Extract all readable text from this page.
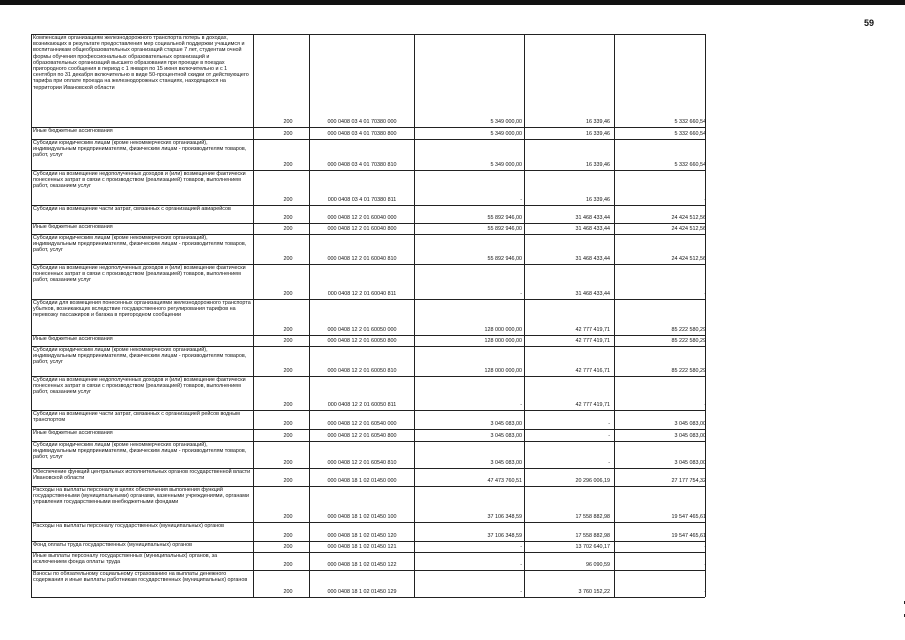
59
Компенсация организациям железнодорожного транспорта потерь в доходах, возникающих в результате предоставления мер социальной поддержки учащимся и воспитанникам общеобразовательных организаций старше 7 лет, студентам очной формы обучения профессиональных образовательных организаций и образовательных организаций высшего образования при проезде в поездах пригородного сообщения в период с 1 января по 15 июня включительно и с 1 сентября по 31 декабря включительно в виде 50-процентной скидки от действующего тарифа при оплате проезда на железнодорожных станциях, находящихся на территории Ивановской области
200	000 0408 03 4 01 70380 000	5 349 000,00	16 339,46	5 332 660,54
Иные бюджетные ассигнования	200	000 0408 03 4 01 70380 800	5 349 000,00	16 339,46	5 332 660,54
Субсидии юридическим лицам (кроме некоммерческих организаций), индивидуальным предпринимателям, физическим лицам - производителям товаров, работ, услуг
200	000 0408 03 4 01 70380 810	5 349 000,00	16 339,46	5 332 660,54
Субсидии на возмещение недополученных доходов и (или) возмещение фактически понесенных затрат в связи с производством (реализацией) товаров, выполнением работ, оказанием услуг
200	000 0408 03 4 01 70380 811	-	16 339,46	-
Субсидии на возмещение части затрат, связанных с организацией авиарейсов
200	000 0408 12 2 01 60040 000	55 892 946,00	31 468 433,44	24 424 512,56
Иные бюджетные ассигнования	200	000 0408 12 2 01 60040 800	55 892 946,00	31 468 433,44	24 424 512,56
Субсидии юридическим лицам (кроме некоммерческих организаций), индивидуальным предпринимателям, физическим лицам - производителям товаров, работ, услуг
200	000 0408 12 2 01 60040 810	55 892 946,00	31 468 433,44	24 424 512,56
Субсидии на возмещение недополученных доходов и (или) возмещение фактически понесенных затрат в связи с производством (реализацией) товаров, выполнением работ, оказанием услуг
200	000 0408 12 2 01 60040 811	-	31 468 433,44	-
Субсидии для возмещения понесенных организациями железнодорожного транспорта убытков, возникающих вследствие государственного регулирования тарифов на перевозку пассажиров и багажа в пригородном сообщении
200	000 0408 12 2 01 60050 000	128 000 000,00	42 777 419,71	85 222 580,29
Иные бюджетные ассигнования	200	000 0408 12 2 01 60050 800	128 000 000,00	42 777 419,71	85 222 580,29
Субсидии юридическим лицам (кроме некоммерческих организаций), индивидуальным предпринимателям, физическим лицам - производителям товаров, работ, услуг
200	000 0408 12 2 01 60050 810	128 000 000,00	42 777 416,71	85 222 580,29
Субсидии на возмещение недополученных доходов и (или) возмещение фактически понесенных затрат в связи с производством (реализацией) товаров, выполнением работ, оказанием услуг
200	000 0408 12 2 01 60050 811	-	42 777 419,71	-
Субсидии на возмещение части затрат, связанных с организацией рейсов водным транспортом
200	000 0408 12 2 01 60540 000	3 045 083,00	-	3 045 083,00
Иные бюджетные ассигнования	200	000 0408 12 2 01 60540 800	3 045 083,00	-	3 045 083,00
Субсидии юридическим лицам (кроме некоммерческих организаций), индивидуальным предпринимателям, физическим лицам - производителям товаров, работ, услуг
200	000 0408 12 2 01 60540 810	3 045 083,00	-	3 045 083,00
Обеспечение функций центральных исполнительных органов государственной власти Ивановской области	200	000 0408 18 1 02 01450 000	47 473 760,51	20 296 006,19	27 177 754,32
Расходы на выплаты персоналу в целях обеспечения выполнения функций государственными (муниципальными) органами, казенными учреждениями, органами управления государственными внебюджетными фондами
200	000 0408 18 1 02 01450 100	37 106 348,59	17 558 882,98	19 547 465,61
Расходы на выплаты персоналу государственных (муниципальных) органов
200	000 0408 18 1 02 01450 120	37 106 348,59	17 558 882,98	19 547 465,61
Фонд оплаты труда государственных (муниципальных) органов	200	000 0408 18 1 02 01450 121	-	13 702 640,17	-
Иные выплаты персоналу государственных (муниципальных) органов, за исключением фонда оплаты труда	200	000 0408 18 1 02 01450 122	-	96 090,59	-
Взносы по обязательному социальному страхованию на выплаты денежного содержания и иные выплаты работникам государственных (муниципальных) органов
200	000 0408 18 1 02 01450 129	-	3 760 152,22	-
